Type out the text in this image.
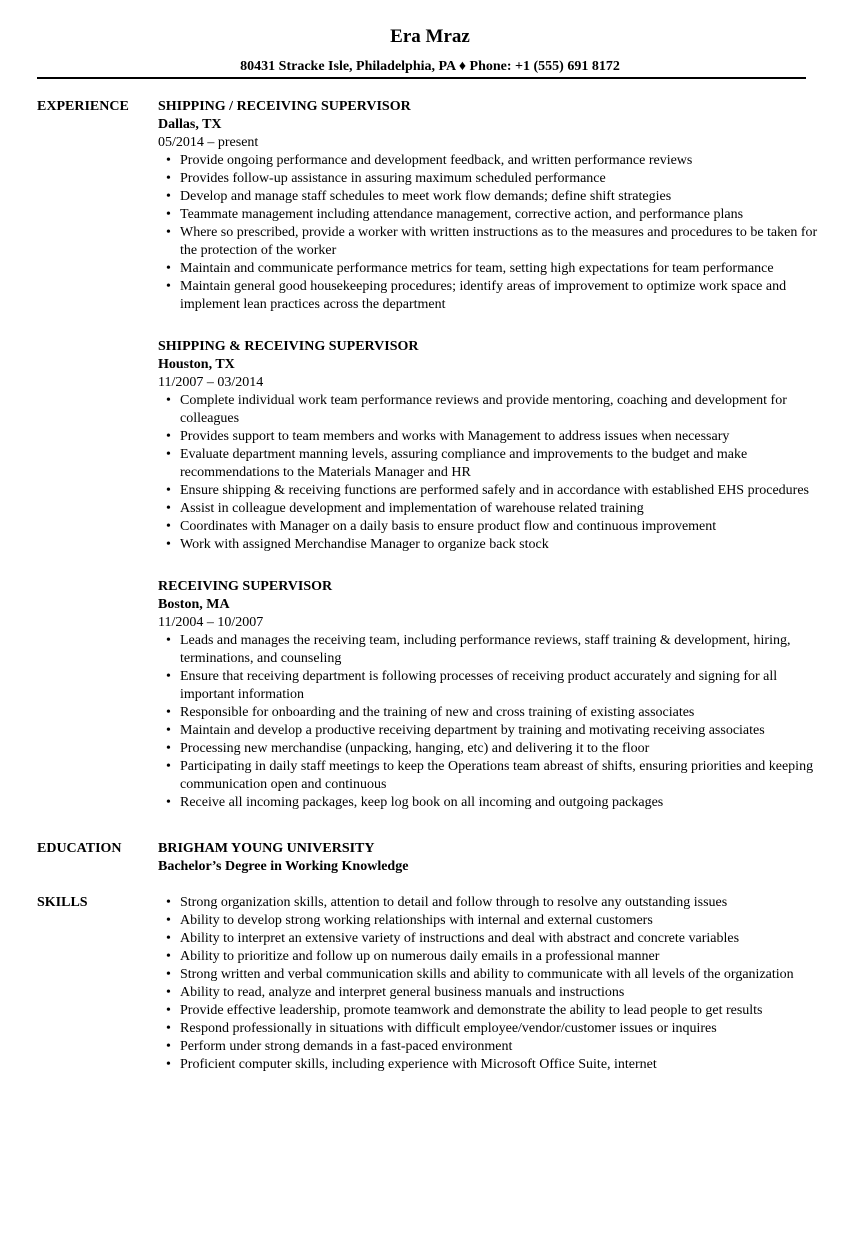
Era Mraz
80431 Stracke Isle, Philadelphia, PA ♦ Phone: +1 (555) 691 8172
EXPERIENCE	SHIPPING / RECEIVING SUPERVISOR
Dallas, TX
05/2014 – present
• Provide ongoing performance and development feedback, and written performance reviews
• Provides follow-up assistance in assuring maximum scheduled performance
• Develop and manage staff schedules to meet work flow demands; define shift strategies
• Teammate management including attendance management, corrective action, and performance plans
• Where so prescribed, provide a worker with written instructions as to the measures and procedures to be taken for the protection of the worker
• Maintain and communicate performance metrics for team, setting high expectations for team performance
• Maintain general good housekeeping procedures; identify areas of improvement to optimize work space and implement lean practices across the department
SHIPPING & RECEIVING SUPERVISOR
Houston, TX
11/2007 – 03/2014
• Complete individual work team performance reviews and provide mentoring, coaching and development for colleagues
• Provides support to team members and works with Management to address issues when necessary
• Evaluate department manning levels, assuring compliance and improvements to the budget and make recommendations to the Materials Manager and HR
• Ensure shipping & receiving functions are performed safely and in accordance with established EHS procedures
• Assist in colleague development and implementation of warehouse related training
• Coordinates with Manager on a daily basis to ensure product flow and continuous improvement
• Work with assigned Merchandise Manager to organize back stock
RECEIVING SUPERVISOR
Boston, MA
11/2004 – 10/2007
• Leads and manages the receiving team, including performance reviews, staff training & development, hiring, terminations, and counseling
• Ensure that receiving department is following processes of receiving product accurately and signing for all important information
• Responsible for onboarding and the training of new and cross training of existing associates
• Maintain and develop a productive receiving department by training and motivating receiving associates
• Processing new merchandise (unpacking, hanging, etc) and delivering it to the floor
• Participating in daily staff meetings to keep the Operations team abreast of shifts, ensuring priorities and keeping communication open and continuous
• Receive all incoming packages, keep log book on all incoming and outgoing packages
EDUCATION	BRIGHAM YOUNG UNIVERSITY
Bachelor’s Degree in Working Knowledge
SKILLS	• Strong organization skills, attention to detail and follow through to resolve any outstanding issues
• Ability to develop strong working relationships with internal and external customers
• Ability to interpret an extensive variety of instructions and deal with abstract and concrete variables
• Ability to prioritize and follow up on numerous daily emails in a professional manner
• Strong written and verbal communication skills and ability to communicate with all levels of the organization
• Ability to read, analyze and interpret general business manuals and instructions
• Provide effective leadership, promote teamwork and demonstrate the ability to lead people to get results
• Respond professionally in situations with difficult employee/vendor/customer issues or inquires
• Perform under strong demands in a fast-paced environment
• Proficient computer skills, including experience with Microsoft Office Suite, internet
